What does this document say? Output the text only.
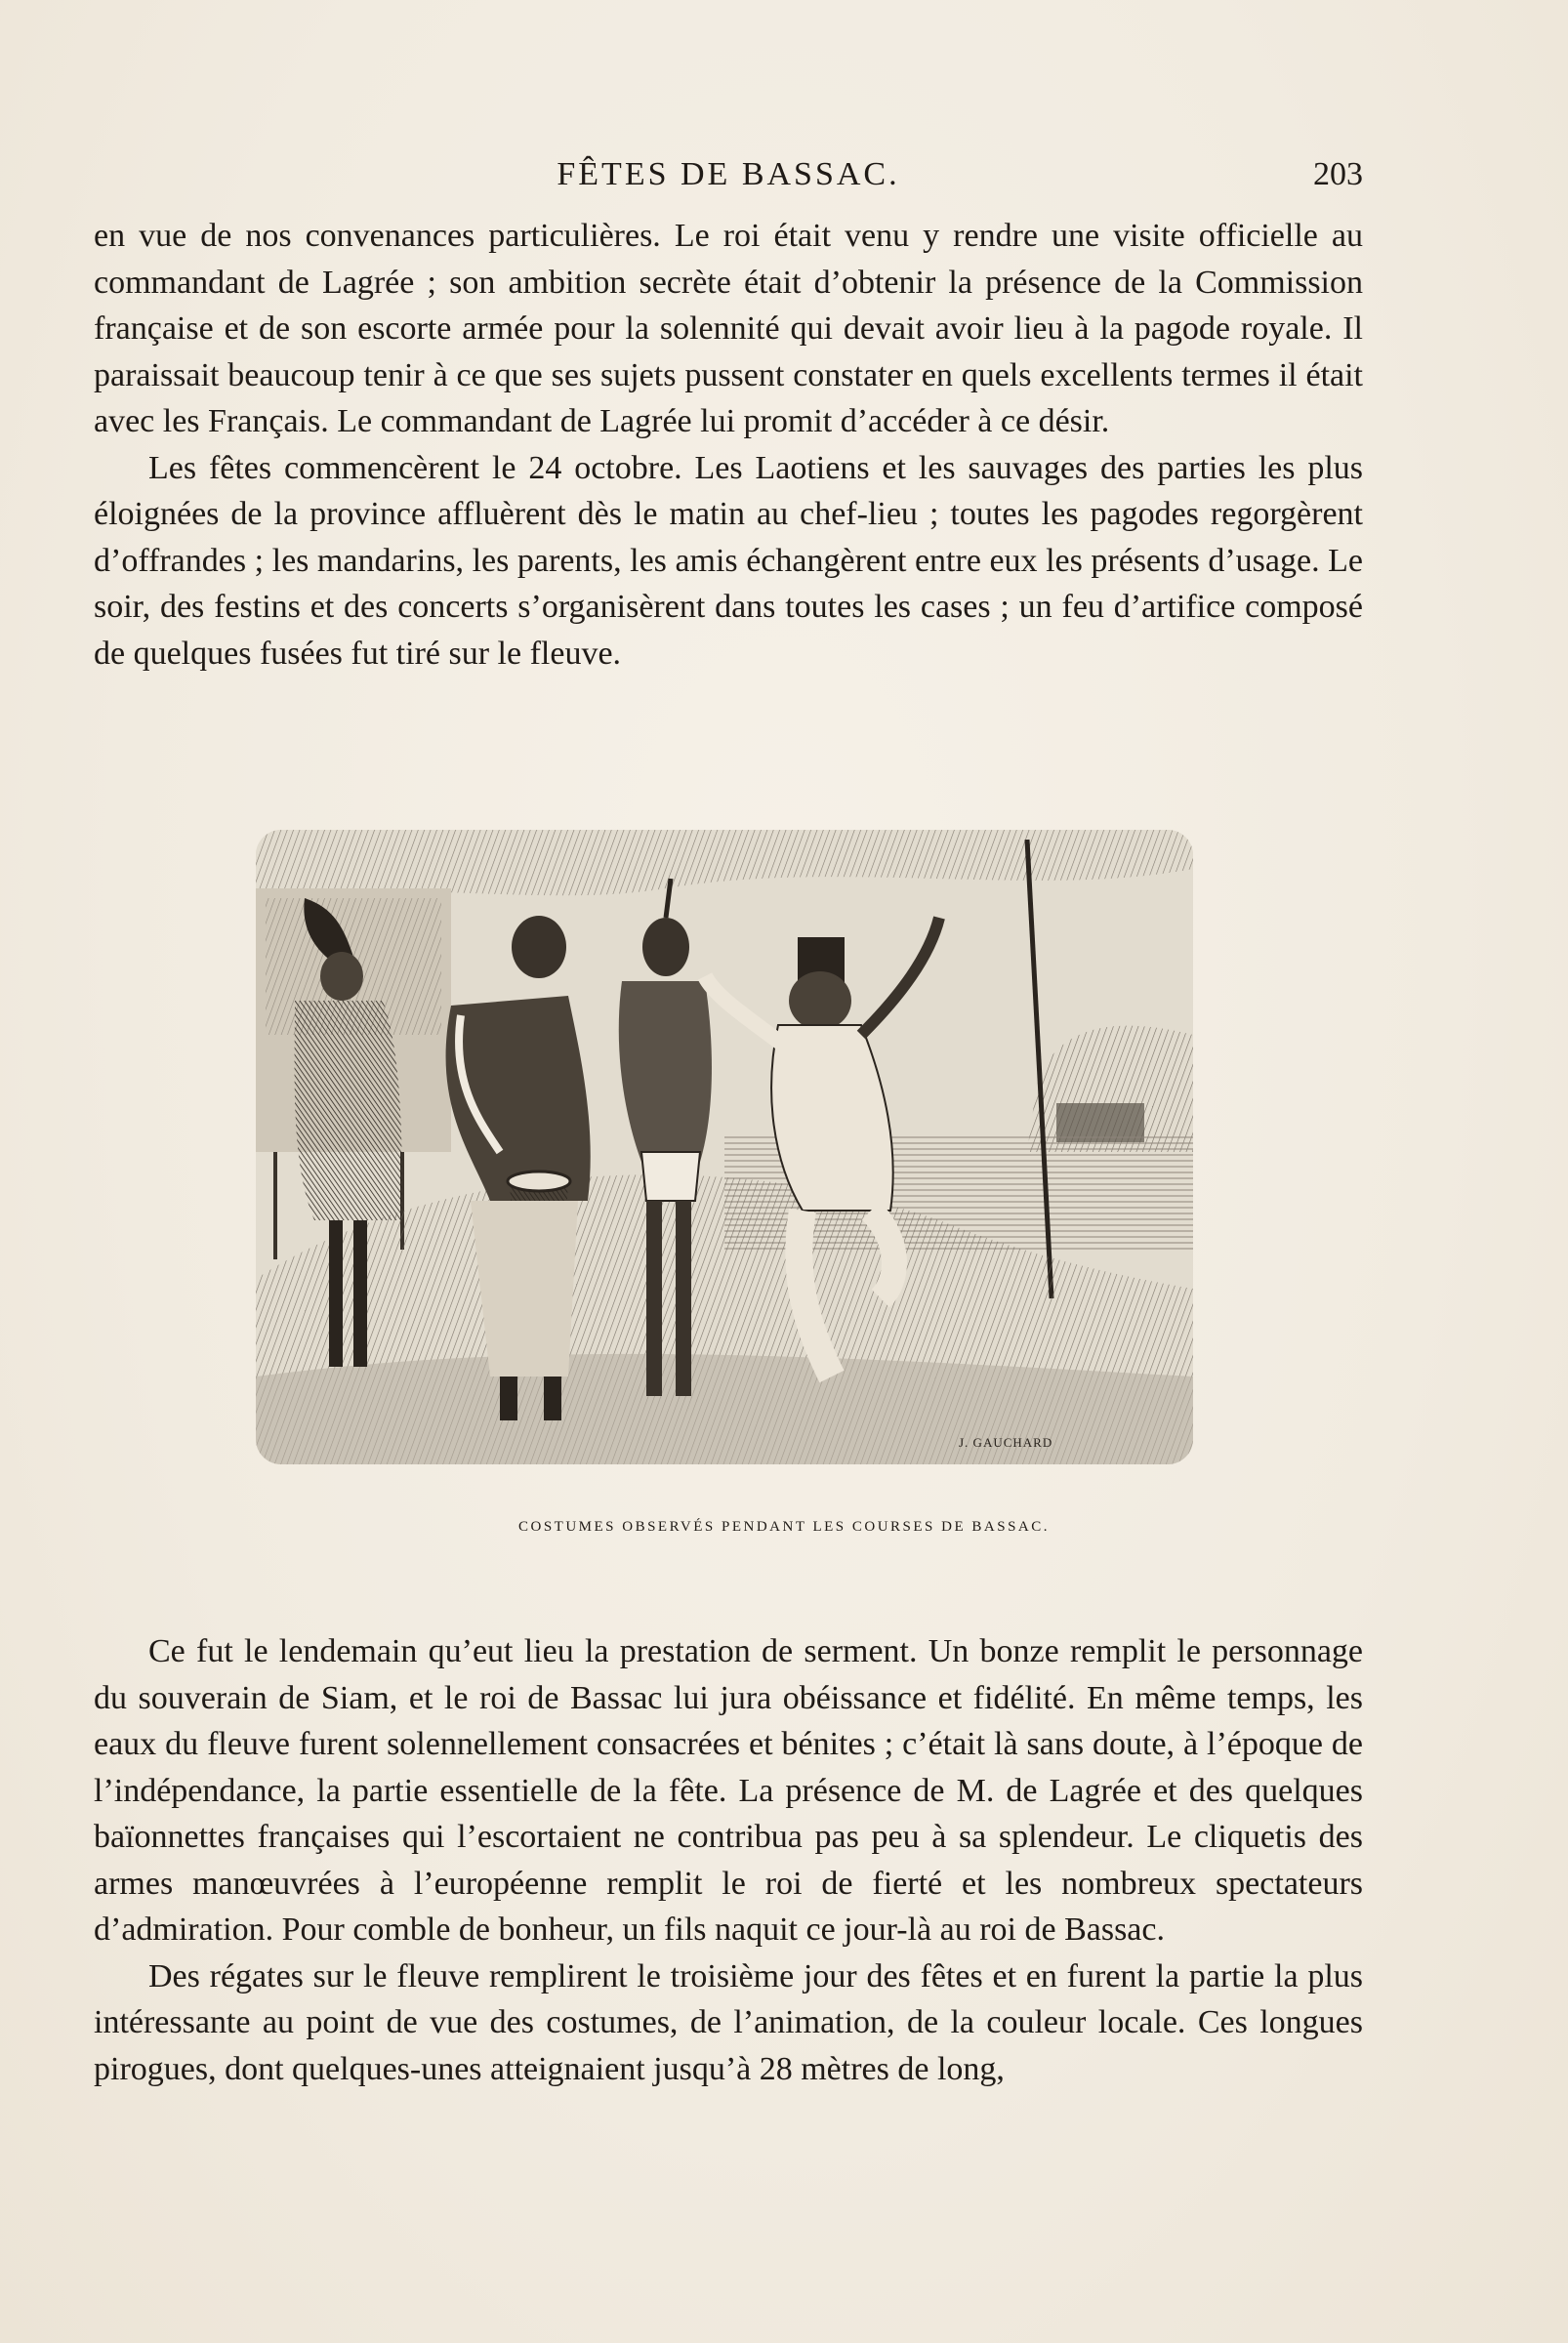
FÊTES DE BASSAC.	203

en vue de nos convenances particulières. Le roi était venu y rendre une visite officielle au commandant de Lagrée ; son ambition secrète était d’obtenir la présence de la Commission française et de son escorte armée pour la solennité qui devait avoir lieu à la pagode royale. Il paraissait beaucoup tenir à ce que ses sujets pussent constater en quels excellents termes il était avec les Français. Le commandant de Lagrée lui promit d’accéder à ce désir.

Les fêtes commencèrent le 24 octobre. Les Laotiens et les sauvages des parties les plus éloignées de la province affluèrent dès le matin au chef-lieu ; toutes les pagodes regorgèrent d’offrandes ; les mandarins, les parents, les amis échangèrent entre eux les présents d’usage. Le soir, des festins et des concerts s’organisèrent dans toutes les cases ; un feu d’artifice composé de quelques fusées fut tiré sur le fleuve.

J. GAUCHARD
COSTUMES OBSERVÉS PENDANT LES COURSES DE BASSAC.

Ce fut le lendemain qu’eut lieu la prestation de serment. Un bonze remplit le personnage du souverain de Siam, et le roi de Bassac lui jura obéissance et fidélité. En même temps, les eaux du fleuve furent solennellement consacrées et bénites ; c’était là sans doute, à l’époque de l’indépendance, la partie essentielle de la fête. La présence de M. de Lagrée et des quelques baïonnettes françaises qui l’escortaient ne contribua pas peu à sa splendeur. Le cliquetis des armes manœuvrées à l’européenne remplit le roi de fierté et les nombreux spectateurs d’admiration. Pour comble de bonheur, un fils naquit ce jour-là au roi de Bassac.

Des régates sur le fleuve remplirent le troisième jour des fêtes et en furent la partie la plus intéressante au point de vue des costumes, de l’animation, de la couleur locale. Ces longues pirogues, dont quelques-unes atteignaient jusqu’à 28 mètres de long,
